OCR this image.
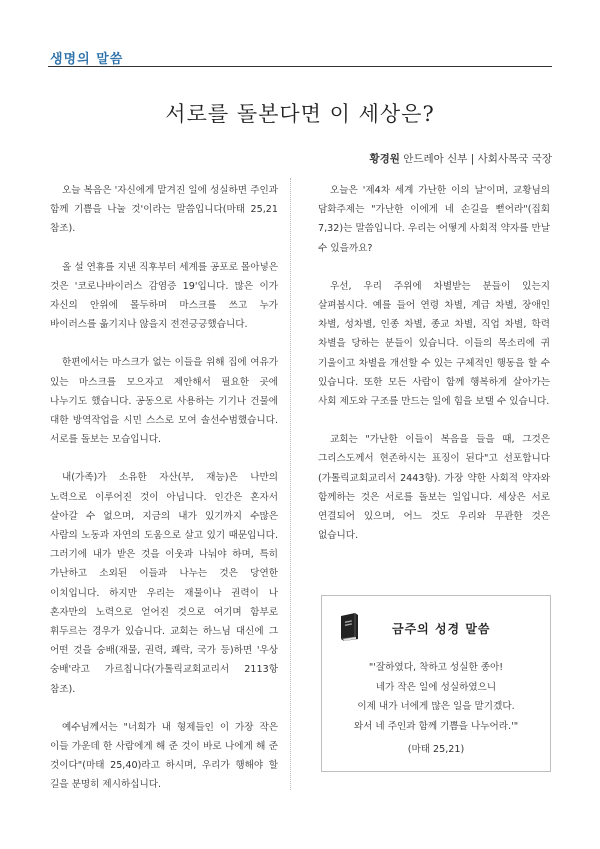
생명의 말씀
서로를 돌본다면 이 세상은?
황경원 안드레아 신부 | 사회사목국 국장

오늘 복음은 '자신에게 맡겨진 일에 성실하면 주인과 함께 기쁨을 나눌 것'이라는 말씀입니다(마태 25,21 참조).

올 설 연휴를 지낸 직후부터 세계를 공포로 몰아넣은 것은 '코로나바이러스 감염증 19'입니다. 많은 이가 자신의 안위에 몰두하며 마스크를 쓰고 누가 바이러스를 옮기지나 않을지 전전긍긍했습니다.

한편에서는 마스크가 없는 이들을 위해 집에 여유가 있는 마스크를 모으자고 제안해서 필요한 곳에 나누기도 했습니다. 공동으로 사용하는 기기나 건물에 대한 방역작업을 시민 스스로 모여 솔선수범했습니다. 서로를 돌보는 모습입니다.

내(가족)가 소유한 자산(부, 재능)은 나만의 노력으로 이루어진 것이 아닙니다. 인간은 혼자서 살아갈 수 없으며, 지금의 내가 있기까지 수많은 사람의 노동과 자연의 도움으로 살고 있기 때문입니다. 그러기에 내가 받은 것을 이웃과 나눠야 하며, 특히 가난하고 소외된 이들과 나누는 것은 당연한 이치입니다. 하지만 우리는 재물이나 권력이 나 혼자만의 노력으로 얻어진 것으로 여기며 함부로 휘두르는 경우가 있습니다. 교회는 하느님 대신에 그 어떤 것을 숭배(재물, 권력, 쾌락, 국가 등)하면 '우상 숭배'라고 가르칩니다(가톨릭교회교리서 2113항 참조).

예수님께서는 "너희가 내 형제들인 이 가장 작은 이들 가운데 한 사람에게 해 준 것이 바로 나에게 해 준 것이다"(마태 25,40)라고 하시며, 우리가 행해야 할 길을 분명히 제시하십니다.

오늘은 '제4차 세계 가난한 이의 날'이며, 교황님의 담화주제는 "가난한 이에게 네 손길을 뻗어라"(집회 7,32)는 말씀입니다. 우리는 어떻게 사회적 약자를 만날 수 있을까요?

우선, 우리 주위에 차별받는 분들이 있는지 살펴봅시다. 예를 들어 연령 차별, 계급 차별, 장애인 차별, 성차별, 인종 차별, 종교 차별, 직업 차별, 학력 차별을 당하는 분들이 있습니다. 이들의 목소리에 귀 기울이고 차별을 개선할 수 있는 구체적인 행동을 할 수 있습니다. 또한 모든 사람이 함께 행복하게 살아가는 사회 제도와 구조를 만드는 일에 힘을 보탤 수 있습니다.

교회는 "가난한 이들이 복음을 들을 때, 그것은 그리스도께서 현존하시는 표징이 된다"고 선포합니다(가톨릭교회교리서 2443항). 가장 약한 사회적 약자와 함께하는 것은 서로를 돌보는 일입니다. 세상은 서로 연결되어 있으며, 어느 것도 우리와 무관한 것은 없습니다.

금주의 성경 말씀
"'잘하였다, 착하고 성실한 종아!
네가 작은 일에 성실하였으니
이제 내가 너에게 많은 일을 맡기겠다.
와서 네 주인과 함께 기쁨을 나누어라.'"
(마태 25,21)
